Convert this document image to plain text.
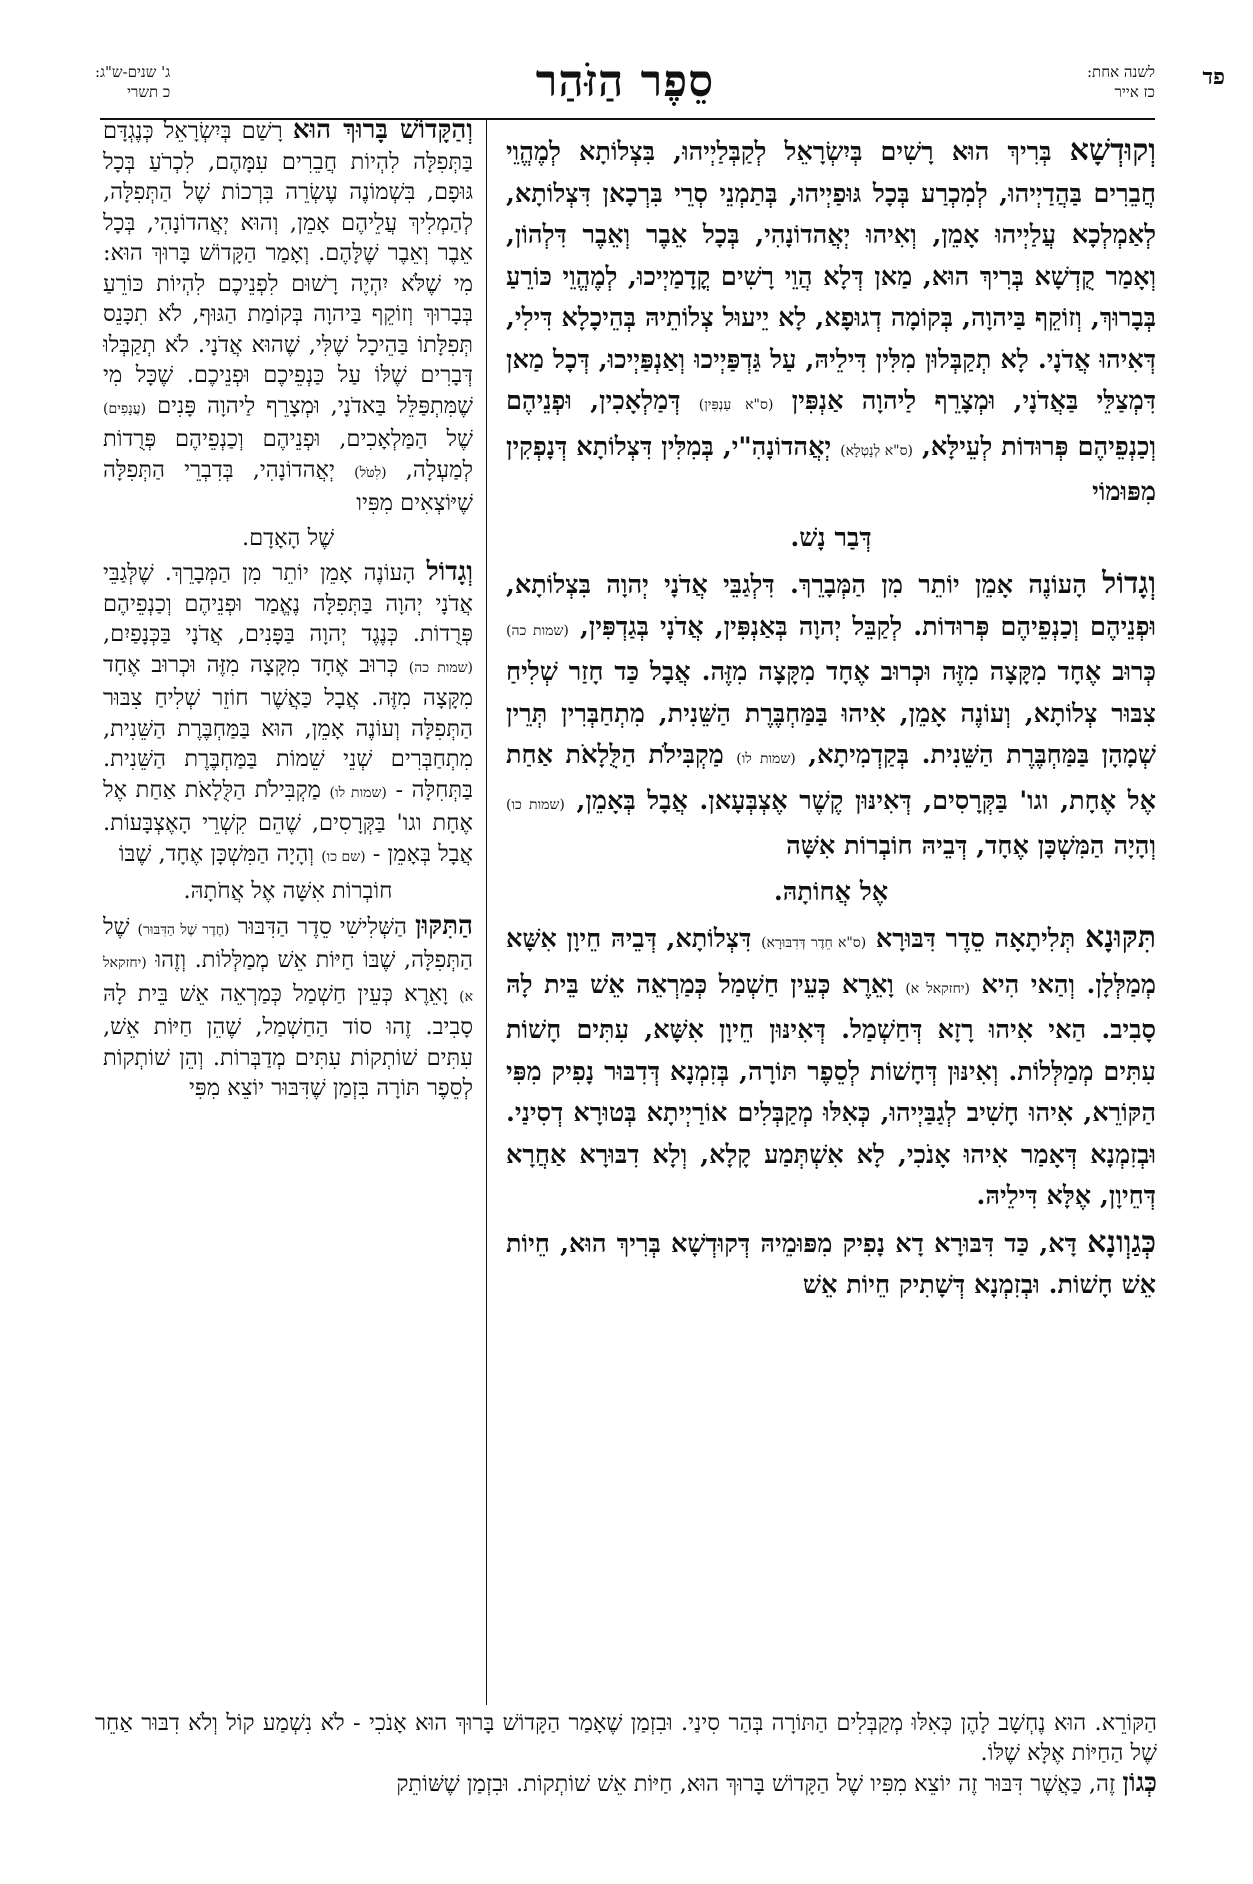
פד
לשנה אחת:
כז אייר
סֵפֶר הַזֹּהַר
ג' שנים-ש"ג:
כ תשרי

וְקוּדְשָׁא בְּרִיךְ הוּא רָשִׁים בְּיִשְׂרָאֵל לְקַבְּלַיְיהוּ, בִּצְלוֹתָא לְמֶהֱוֵי חֲבֵרִים בַּהֲדַיְיהוּ, לְמִכְרַע בְּכָל גּוּפַיְיהוּ, בְּתַמְנֵי סְרֵי בִּרְכָאן דִּצְלוֹתָא, לְאַמְלְכָא עֲלַיְיהוּ אָמֵן, וְאִיהוּ יְאֲהדוֹנָהִי, בְּכָל אֵבֶר וְאֵבֶר דִּלְהוֹן, וְאָמַר קֻדְשָׁא בְּרִיךְ הוּא, מַאן דְּלָא הֲוֵי רָשִׁים קֳדָמַיְיכוּ, לְמֶהֱוֵי כּוֹרֵעַ בְּבָרוּךְ, וְזוֹקֵף בַּיהוָה, בְּקוֹמָה דְגוּפָא, לָא יֵיעוּל צְלוֹתֵיהּ בְּהֵיכָלָא דִּילִי, דְּאִיהוּ אֲדֹנָי. לָא תְקַבְּלוּן מִלִּין דִּילֵיהּ, עַל גַּדְפַּיְיכוּ וְאַנְפַּיְיכוּ, דְּכָל מַאן דִּמְצַלֵּי בַּאֲדֹנָי, וּמְצָרֵף לַיהוָה אַנְפִּין (ס"א עַנְפִּין) דְּמַלְאָכִין, וּפְנֵיהֶם וְכַנְפֵיהֶם פְּרוּדוֹת לְעֵילָּא, (ס"א לְנָטְלָא) יְאֲהדוֹנָהִ"י, בְּמִלִּין דִּצְלוֹתָא דְּנָפְקִין מִפּוּמוֹי

דְּבַר נָשׁ.

וְגָדוֹל הָעוֹנֶה אָמֵן יוֹתֵר מִן הַמְּבָרֵךְ. דִּלְגַבֵּי אֲדֹנָי יְהוָה בִּצְלוֹתָא, וּפְנֵיהֶם וְכַנְפֵיהֶם פְּרוּדוֹת. לְקַבֵּל יְהוָה בְּאַנְפִּין, אֲדֹנָי בְּגַדְפִּין, (שמות כה) כְּרוּב אֶחָד מִקָּצָה מִזֶּה וּכְרוּב אֶחָד מִקָּצָה מִזֶּה. אֲבָל כַּד חָזַר שְׁלִיחַ צִבּוּר צְלוֹתָא, וְעוֹנֶה אָמֵן, אִיהוּ בַּמַּחְבֶּרֶת הַשֵּׁנִית, מִתְחַבְּרִין תְּרֵין שְׁמָהָן בַּמַּחְבֶּרֶת הַשֵּׁנִית. בְּקַדְמִיתָא, (שמות לו) מַקְבִּילֹת הַלֻּלָאֹת אַחַת אֶל אֶחָת, וגו' בַּקְּרָסִים, דְּאִינּוּן קֶשֶׁר אֶצְבְּעָאן. אֲבָל בְּאָמֵן, (שמות כו) וְהָיָה הַמִּשְׁכָּן אֶחָד, דְּבֵיהּ חוֹבְרוֹת אִשָּׁה

אֶל אֲחוֹתָהּ.

תִּקּוּנָא תְּלִיתָאָה סֵדֶר דִּבּוּרָא (ס"א חֵדֶר דְּדִבּוּרָא) דִּצְלוֹתָא, דְּבֵיהּ חֵיוָן אִשָּׁא מְמַלְּלָן. וְהַאי הִיא (יחזקאל א) וָאֵרֶא כְּעֵין חַשְׁמַל כְּמַרְאֵה אֵשׁ בֵּית לָהּ סָבִיב. הַאי אִיהוּ רָזָא דְּחַשְׁמַל. דְּאִינּוּן חֵיוָן אִשָּׁא, עִתִּים חָשׁוֹת עִתִּים מְמַלְּלוֹת. וְאִינּוּן דְּחָשׁוֹת לְסֵפֶר תּוֹרָה, בְּזִמְנָא דְּדִבּוּר נָפִיק מִפִּי הַקּוֹרֵא, אִיהוּ חָשִׁיב לְגַבַּיְיהוּ, כְּאִלּוּ מְקַבְּלִים אוֹרַיְיתָא בְּטוּרָא דְסִינַי. וּבְזִמְנָא דְּאָמַר אִיהוּ אָנֹכִי, לָא אִשְׁתְּמַע קָלָא, וְלָא דִבּוּרָא אַחֲרָא דְּחֵיוָן, אֶלָּא דִּילֵיהּ.

כְּגַוְונָא דָּא, כַּד דִּבּוּרָא דָא נָפִיק מִפּוּמֵיהּ דְּקוּדְשָׁא בְּרִיךְ הוּא, חֵיוֹת אֵשׁ חָשׁוֹת. וּבְזִמְנָא דְּשָׁתִיק חֵיוֹת אֵשׁ

וְהַקָּדוֹשׁ בָּרוּךְ הוּא רָשַׁם בְּיִשְׂרָאֵל כְּנֶגְדָּם בַּתְּפִלָּה לִהְיוֹת חֲבֵרִים עִמָּהֶם, לִכְרֹעַ בְּכָל גּוּפָם, בִּשְׁמוֹנֶה עֶשְׂרֵה בִּרְכוֹת שֶׁל הַתְּפִלָּה, לְהַמְלִיךְ עֲלֵיהֶם אָמֵן, וְהוּא יְאֲהדוֹנָהִי, בְּכָל אֵבֶר וְאֵבֶר שֶׁלָּהֶם. וְאָמַר הַקָּדוֹשׁ בָּרוּךְ הוּא: מִי שֶׁלֹּא יִהְיֶה רָשׁוּם לִפְנֵיכֶם לִהְיוֹת כּוֹרֵעַ בְּבָרוּךְ וְזוֹקֵף בַּיהוָה בְּקוֹמַת הַגּוּף, לֹא תִכָּנֵס תְּפִלָּתוֹ בַּהֵיכָל שֶׁלִּי, שֶׁהוּא אֲדֹנָי. לֹא תְקַבְּלוּ דְּבָרִים שֶׁלּוֹ עַל כַּנְפֵיכֶם וּפְנֵיכֶם. שֶׁכָּל מִי שֶׁמִּתְפַּלֵּל בַּאדֹנָי, וּמְצָרֵף לַיהוָה פָּנִים (עֲנָפִים) שֶׁל הַמַּלְאָכִים, וּפְנֵיהֶם וְכַנְפֵיהֶם פְּרֻדוֹת לְמַעְלָה, (לִטֹּל) יְאֲהדוֹנָהִי, בְּדִבְרֵי הַתְּפִלָּה שֶׁיּוֹצְאִים מִפִּיו

שֶׁל הָאָדָם.

וְגָדוֹל הָעוֹנֶה אָמֵן יוֹתֵר מִן הַמְּבָרֵךְ. שֶׁלְּגַבֵּי אֲדֹנָי יְהוָה בַּתְּפִלָּה נֶאֱמַר וּפְנֵיהֶם וְכַנְפֵיהֶם פְּרֻדוֹת. כְּנֶגֶד יְהוָה בַּפָּנִים, אֲדֹנָי בַּכְּנָפַיִם, (שמות כה) כְּרוּב אֶחָד מִקָּצָה מִזֶּה וּכְרוּב אֶחָד מִקָּצָה מִזֶּה. אֲבָל כַּאֲשֶׁר חוֹזֵר שְׁלִיחַ צִבּוּר הַתְּפִלָּה וְעוֹנֶה אָמֵן, הוּא בַּמַּחְבֶּרֶת הַשֵּׁנִית, מִתְחַבְּרִים שְׁנֵי שֵׁמוֹת בַּמַּחְבֶּרֶת הַשֵּׁנִית. בַּתְּחִלָּה - (שמות לו) מַקְבִּילֹת הַלֻּלָאֹת אַחַת אֶל אֶחָת וגו' בַּקְּרָסִים, שֶׁהֵם קִשְׁרֵי הָאֶצְבָּעוֹת. אֲבָל בְּאָמֵן - (שם כו) וְהָיָה הַמִּשְׁכָּן אֶחָד, שֶׁבּוֹ

חוֹבְרוֹת אִשָּׁה אֶל אֲחֹתָהּ.

הַתִּקּוּן הַשְּׁלִישִׁי סֵדֶר הַדִּבּוּר (חֶדֶר שֶׁל הַדִּבּוּר) שֶׁל הַתְּפִלָּה, שֶׁבּוֹ חַיּוֹת אֵשׁ מְמַלְּלוֹת. וְזֶהוּ (יחזקאל א) וָאֵרֶא כְּעֵין חַשְׁמַל כְּמַרְאֵה אֵשׁ בֵּית לָהּ סָבִיב. זֶהוּ סוֹד הַחַשְׁמַל, שֶׁהֵן חַיּוֹת אֵשׁ, עִתִּים שׁוֹתְקוֹת עִתִּים מְדַבְּרוֹת. וְהֵן שׁוֹתְקוֹת לְסֵפֶר תּוֹרָה בִּזְמַן שֶׁדִּבּוּר יוֹצֵא מִפִּי

הַקּוֹרֵא. הוּא נֶחְשָׁב לָהֶן כְּאִלּוּ מְקַבְּלִים הַתּוֹרָה בְּהַר סִינַי. וּבִזְמַן שֶׁאָמַר הַקָּדוֹשׁ בָּרוּךְ הוּא אָנֹכִי - לֹא נִשְׁמַע קוֹל וְלֹא דִבּוּר אַחֵר שֶׁל הַחַיּוֹת אֶלָּא שֶׁלּוֹ.

כְּגוֹן זֶה, כַּאֲשֶׁר דִּבּוּר זֶה יוֹצֵא מִפִּיו שֶׁל הַקָּדוֹשׁ בָּרוּךְ הוּא, חַיּוֹת אֵשׁ שׁוֹתְקוֹת. וּבִזְמַן שֶׁשּׁוֹתֵק
